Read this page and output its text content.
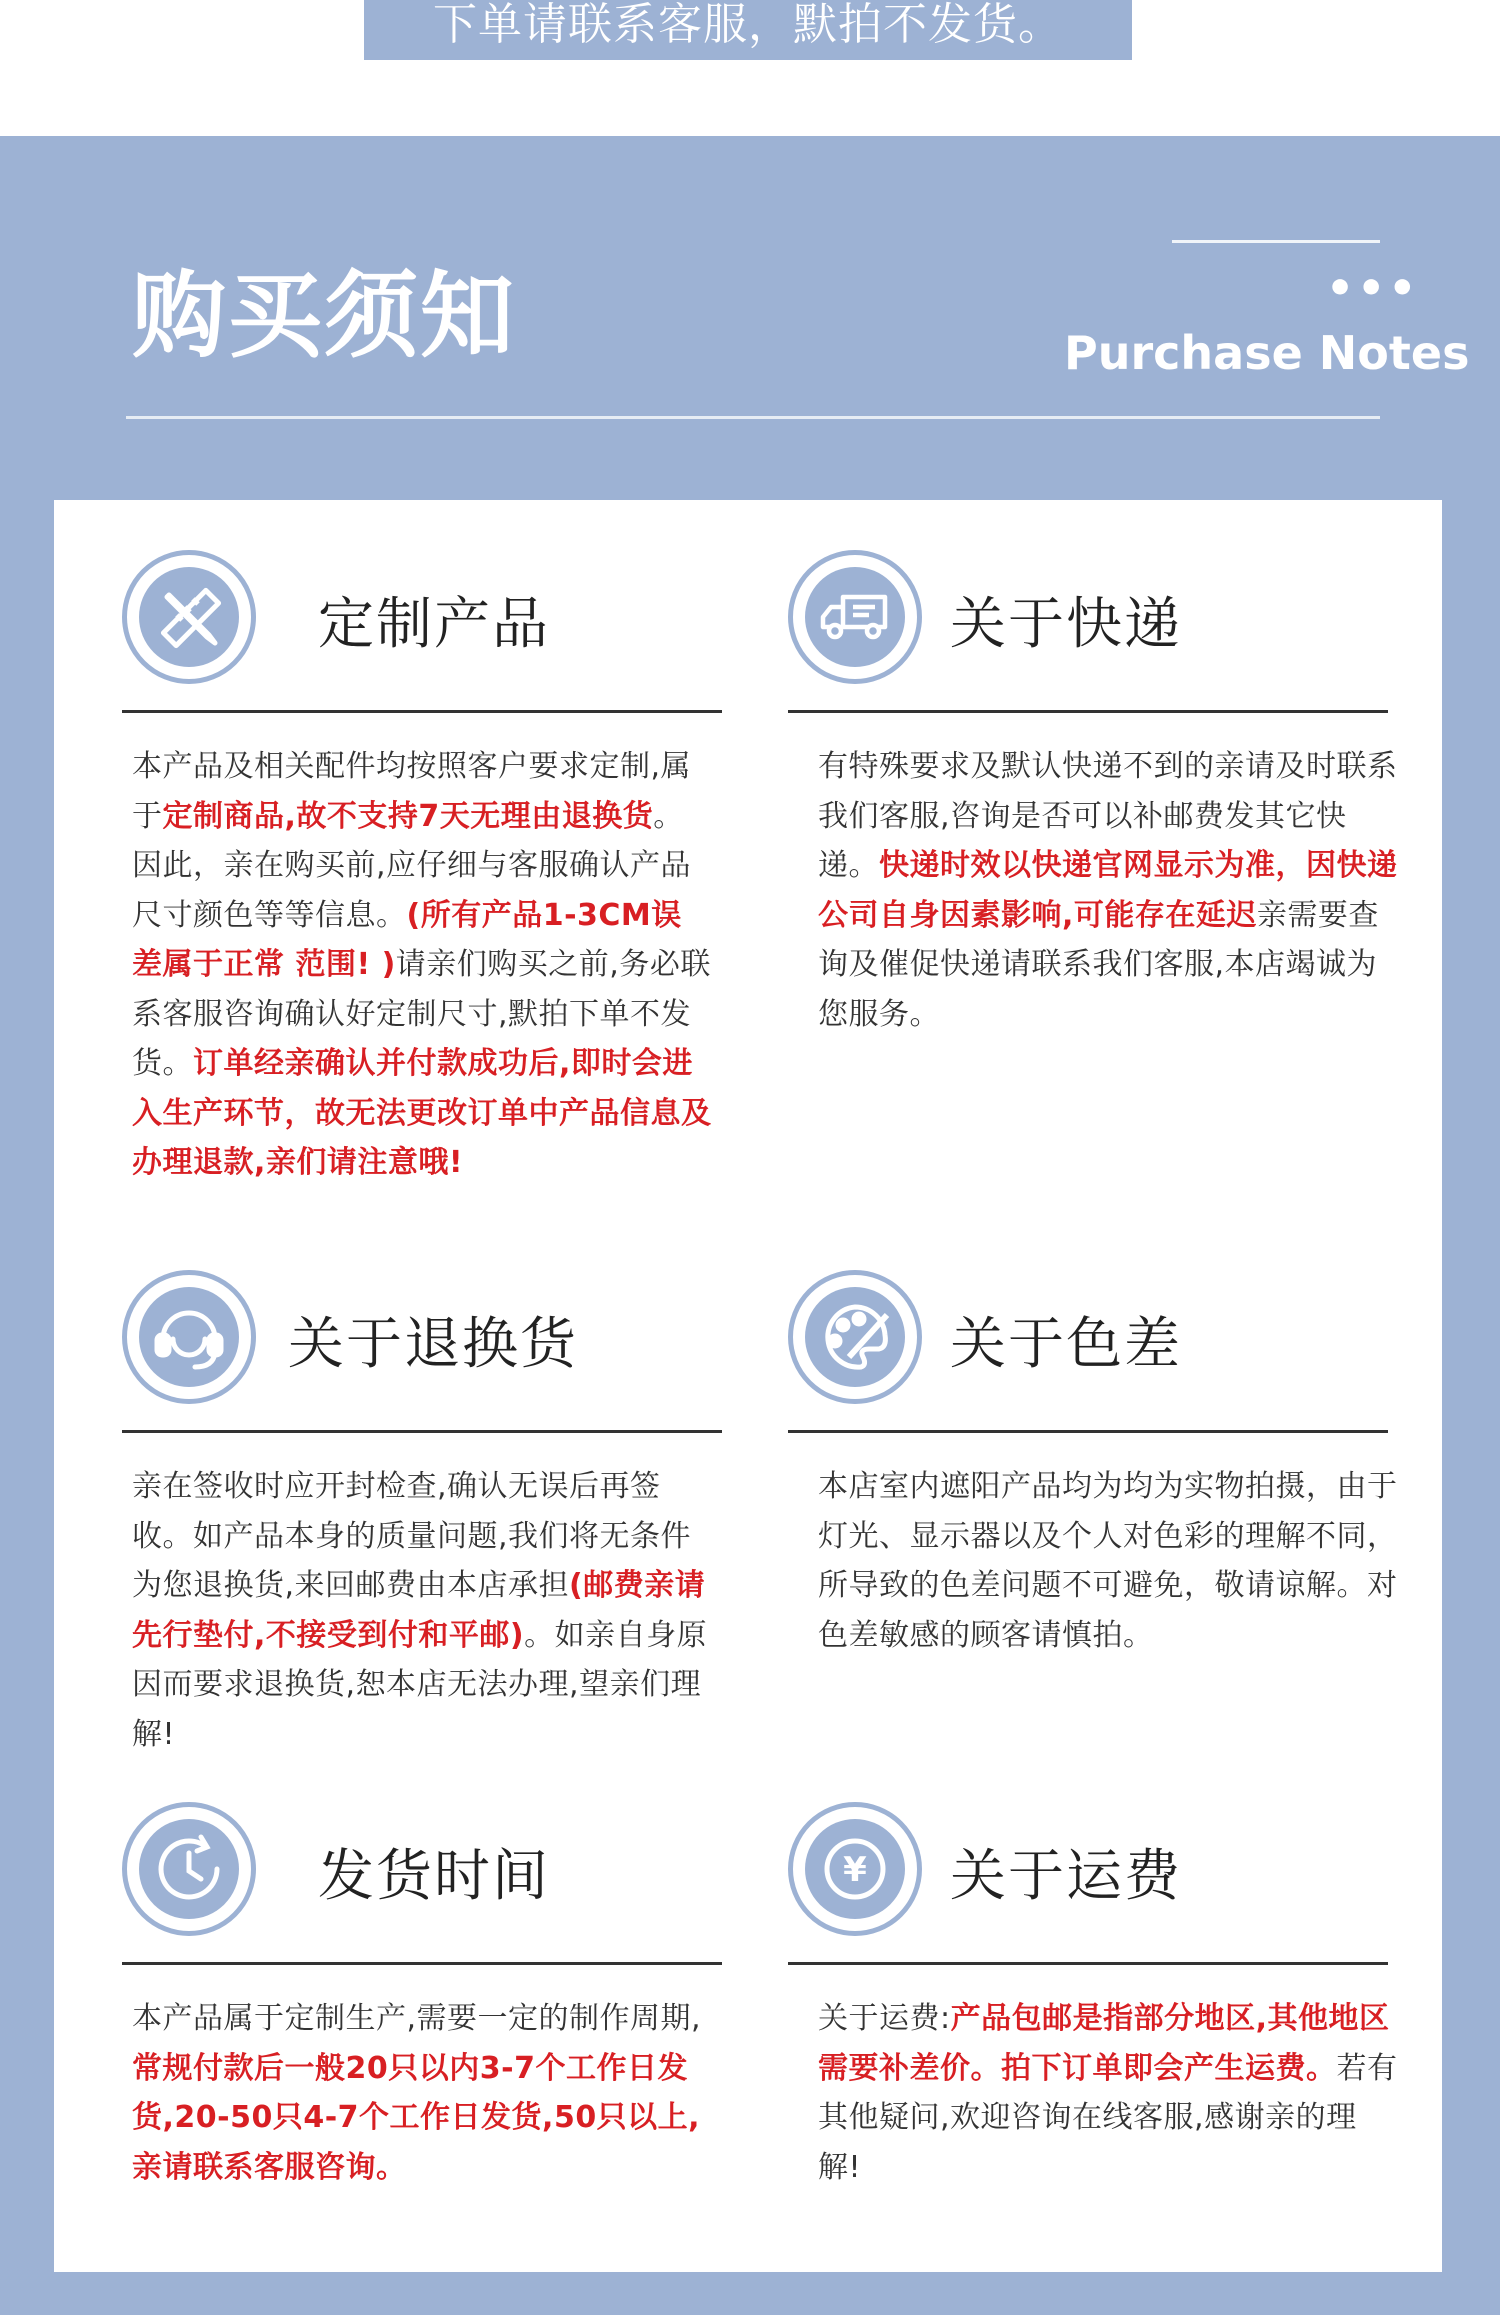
下单请联系客服，默拍不发货。
购买须知	•••
Purchase Notes
定制产品
本产品及相关配件均按照客户要求定制,属于定制商品,故不支持7天无理由退换货。因此，亲在购买前,应仔细与客服确认产品尺寸颜色等等信息。(所有产品1-3CM误差属于正常 范围! )请亲们购买之前,务必联系客服咨询确认好定制尺寸,默拍下单不发货。订单经亲确认并付款成功后,即时会进入生产环节，故无法更改订单中产品信息及办理退款,亲们请注意哦!
关于快递
有特殊要求及默认快递不到的亲请及时联系我们客服,咨询是否可以补邮费发其它快递。快递时效以快递官网显示为准，因快递公司自身因素影响,可能存在延迟亲需要查询及催促快递请联系我们客服,本店竭诚为您服务。
关于退换货
亲在签收时应开封检查,确认无误后再签收。如产品本身的质量问题,我们将无条件为您退换货,来回邮费由本店承担(邮费亲请先行垫付,不接受到付和平邮)。如亲自身原因而要求退换货,恕本店无法办理,望亲们理解!
关于色差
本店室内遮阳产品均为均为实物拍摄，由于灯光、显示器以及个人对色彩的理解不同，所导致的色差问题不可避免，敬请谅解。对色差敏感的顾客请慎拍。
发货时间
本产品属于定制生产,需要一定的制作周期,常规付款后一般20只以内3-7个工作日发货,20-50只4-7个工作日发货,50只以上,亲请联系客服咨询。
¥ 关于运费
关于运费:产品包邮是指部分地区,其他地区需要补差价。拍下订单即会产生运费。若有其他疑问,欢迎咨询在线客服,感谢亲的理解!
